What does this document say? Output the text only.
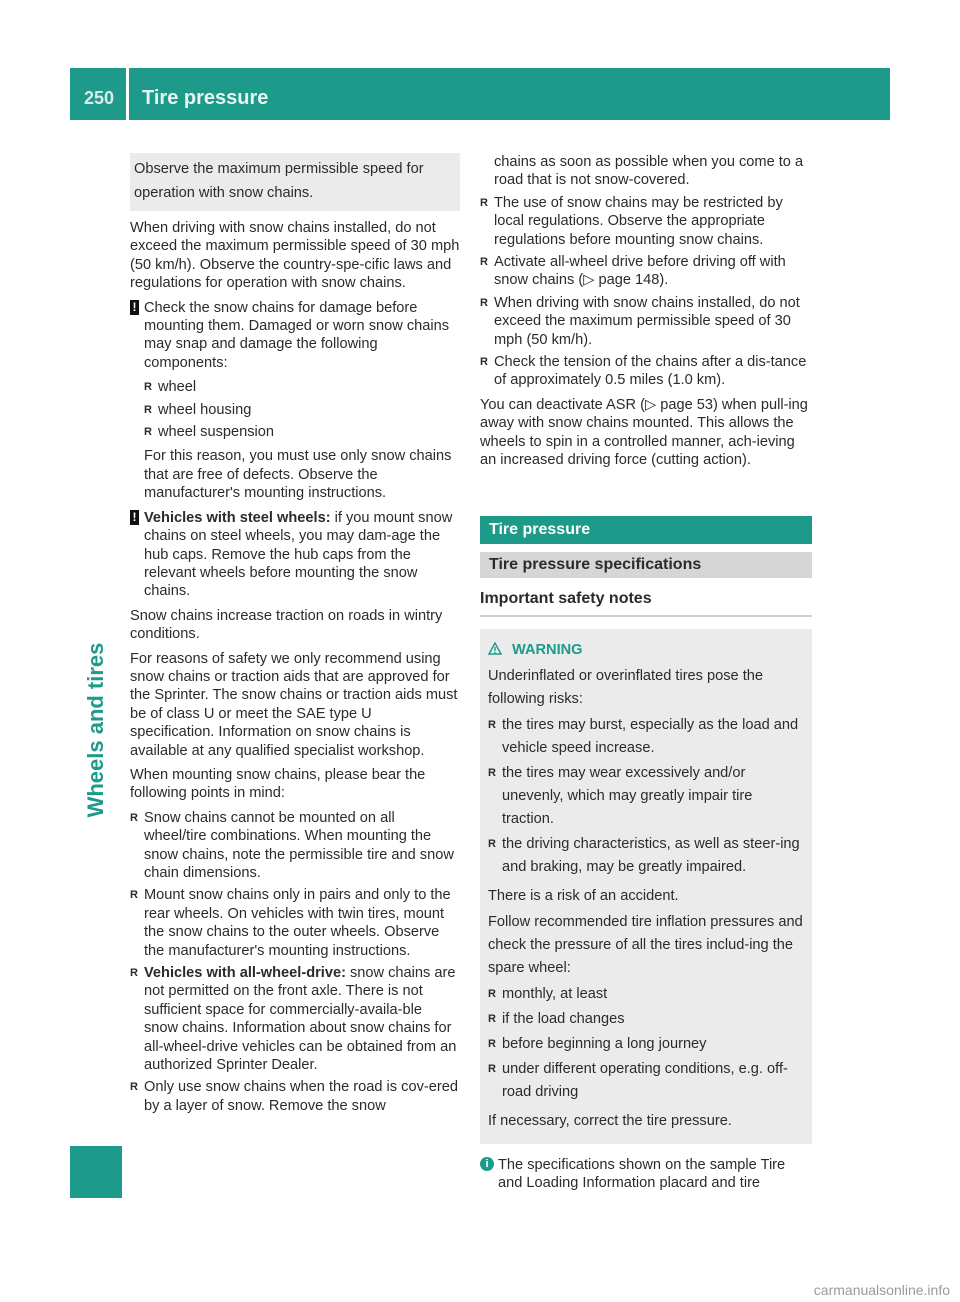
250 Tire pressure
Wheels and tires
Observe the maximum permissible speed for operation with snow chains.

When driving with snow chains installed, do not exceed the maximum permissible speed of 30 mph (50 km/h). Observe the country-spe-cific laws and regulations for operation with snow chains.

! Check the snow chains for damage before mounting them. Damaged or worn snow chains may snap and damage the following components:
R wheel
R wheel housing
R wheel suspension

For this reason, you must use only snow chains that are free of defects. Observe the manufacturer's mounting instructions.

! Vehicles with steel wheels: if you mount snow chains on steel wheels, you may dam-age the hub caps. Remove the hub caps from the relevant wheels before mounting the snow chains.

Snow chains increase traction on roads in wintry conditions.

For reasons of safety we only recommend using snow chains or traction aids that are approved for the Sprinter. The snow chains or traction aids must be of class U or meet the SAE type U specification. Information on snow chains is available at any qualified specialist workshop.

When mounting snow chains, please bear the following points in mind:

R Snow chains cannot be mounted on all wheel/tire combinations. When mounting the snow chains, note the permissible tire and snow chain dimensions.
R Mount snow chains only in pairs and only to the rear wheels. On vehicles with twin tires, mount the snow chains to the outer wheels. Observe the manufacturer's mounting instructions.
R Vehicles with all-wheel-drive: snow chains are not permitted on the front axle. There is not sufficient space for commercially-availa-ble snow chains. Information about snow chains for all-wheel-drive vehicles can be obtained from an authorized Sprinter Dealer.
R Only use snow chains when the road is cov-ered by a layer of snow. Remove the snow

chains as soon as possible when you come to a road that is not snow-covered.

R The use of snow chains may be restricted by local regulations. Observe the appropriate regulations before mounting snow chains.
R Activate all-wheel drive before driving off with snow chains (▷ page 148).
R When driving with snow chains installed, do not exceed the maximum permissible speed of 30 mph (50 km/h).
R Check the tension of the chains after a dis-tance of approximately 0.5 miles (1.0 km).

You can deactivate ASR (▷ page 53) when pull-ing away with snow chains mounted. This allows the wheels to spin in a controlled manner, ach-ieving an increased driving force (cutting action).

Tire pressure
Tire pressure specifications
Important safety notes

WARNING

Underinflated or overinflated tires pose the following risks:

R the tires may burst, especially as the load and vehicle speed increase.
R the tires may wear excessively and/or unevenly, which may greatly impair tire traction.
R the driving characteristics, as well as steer-ing and braking, may be greatly impaired.

There is a risk of an accident.

Follow recommended tire inflation pressures and check the pressure of all the tires includ-ing the spare wheel:

R monthly, at least
R if the load changes
R before beginning a long journey
R under different operating conditions, e.g. off-road driving

If necessary, correct the tire pressure.

i The specifications shown on the sample Tire and Loading Information placard and tire
carmanualsonline.info
